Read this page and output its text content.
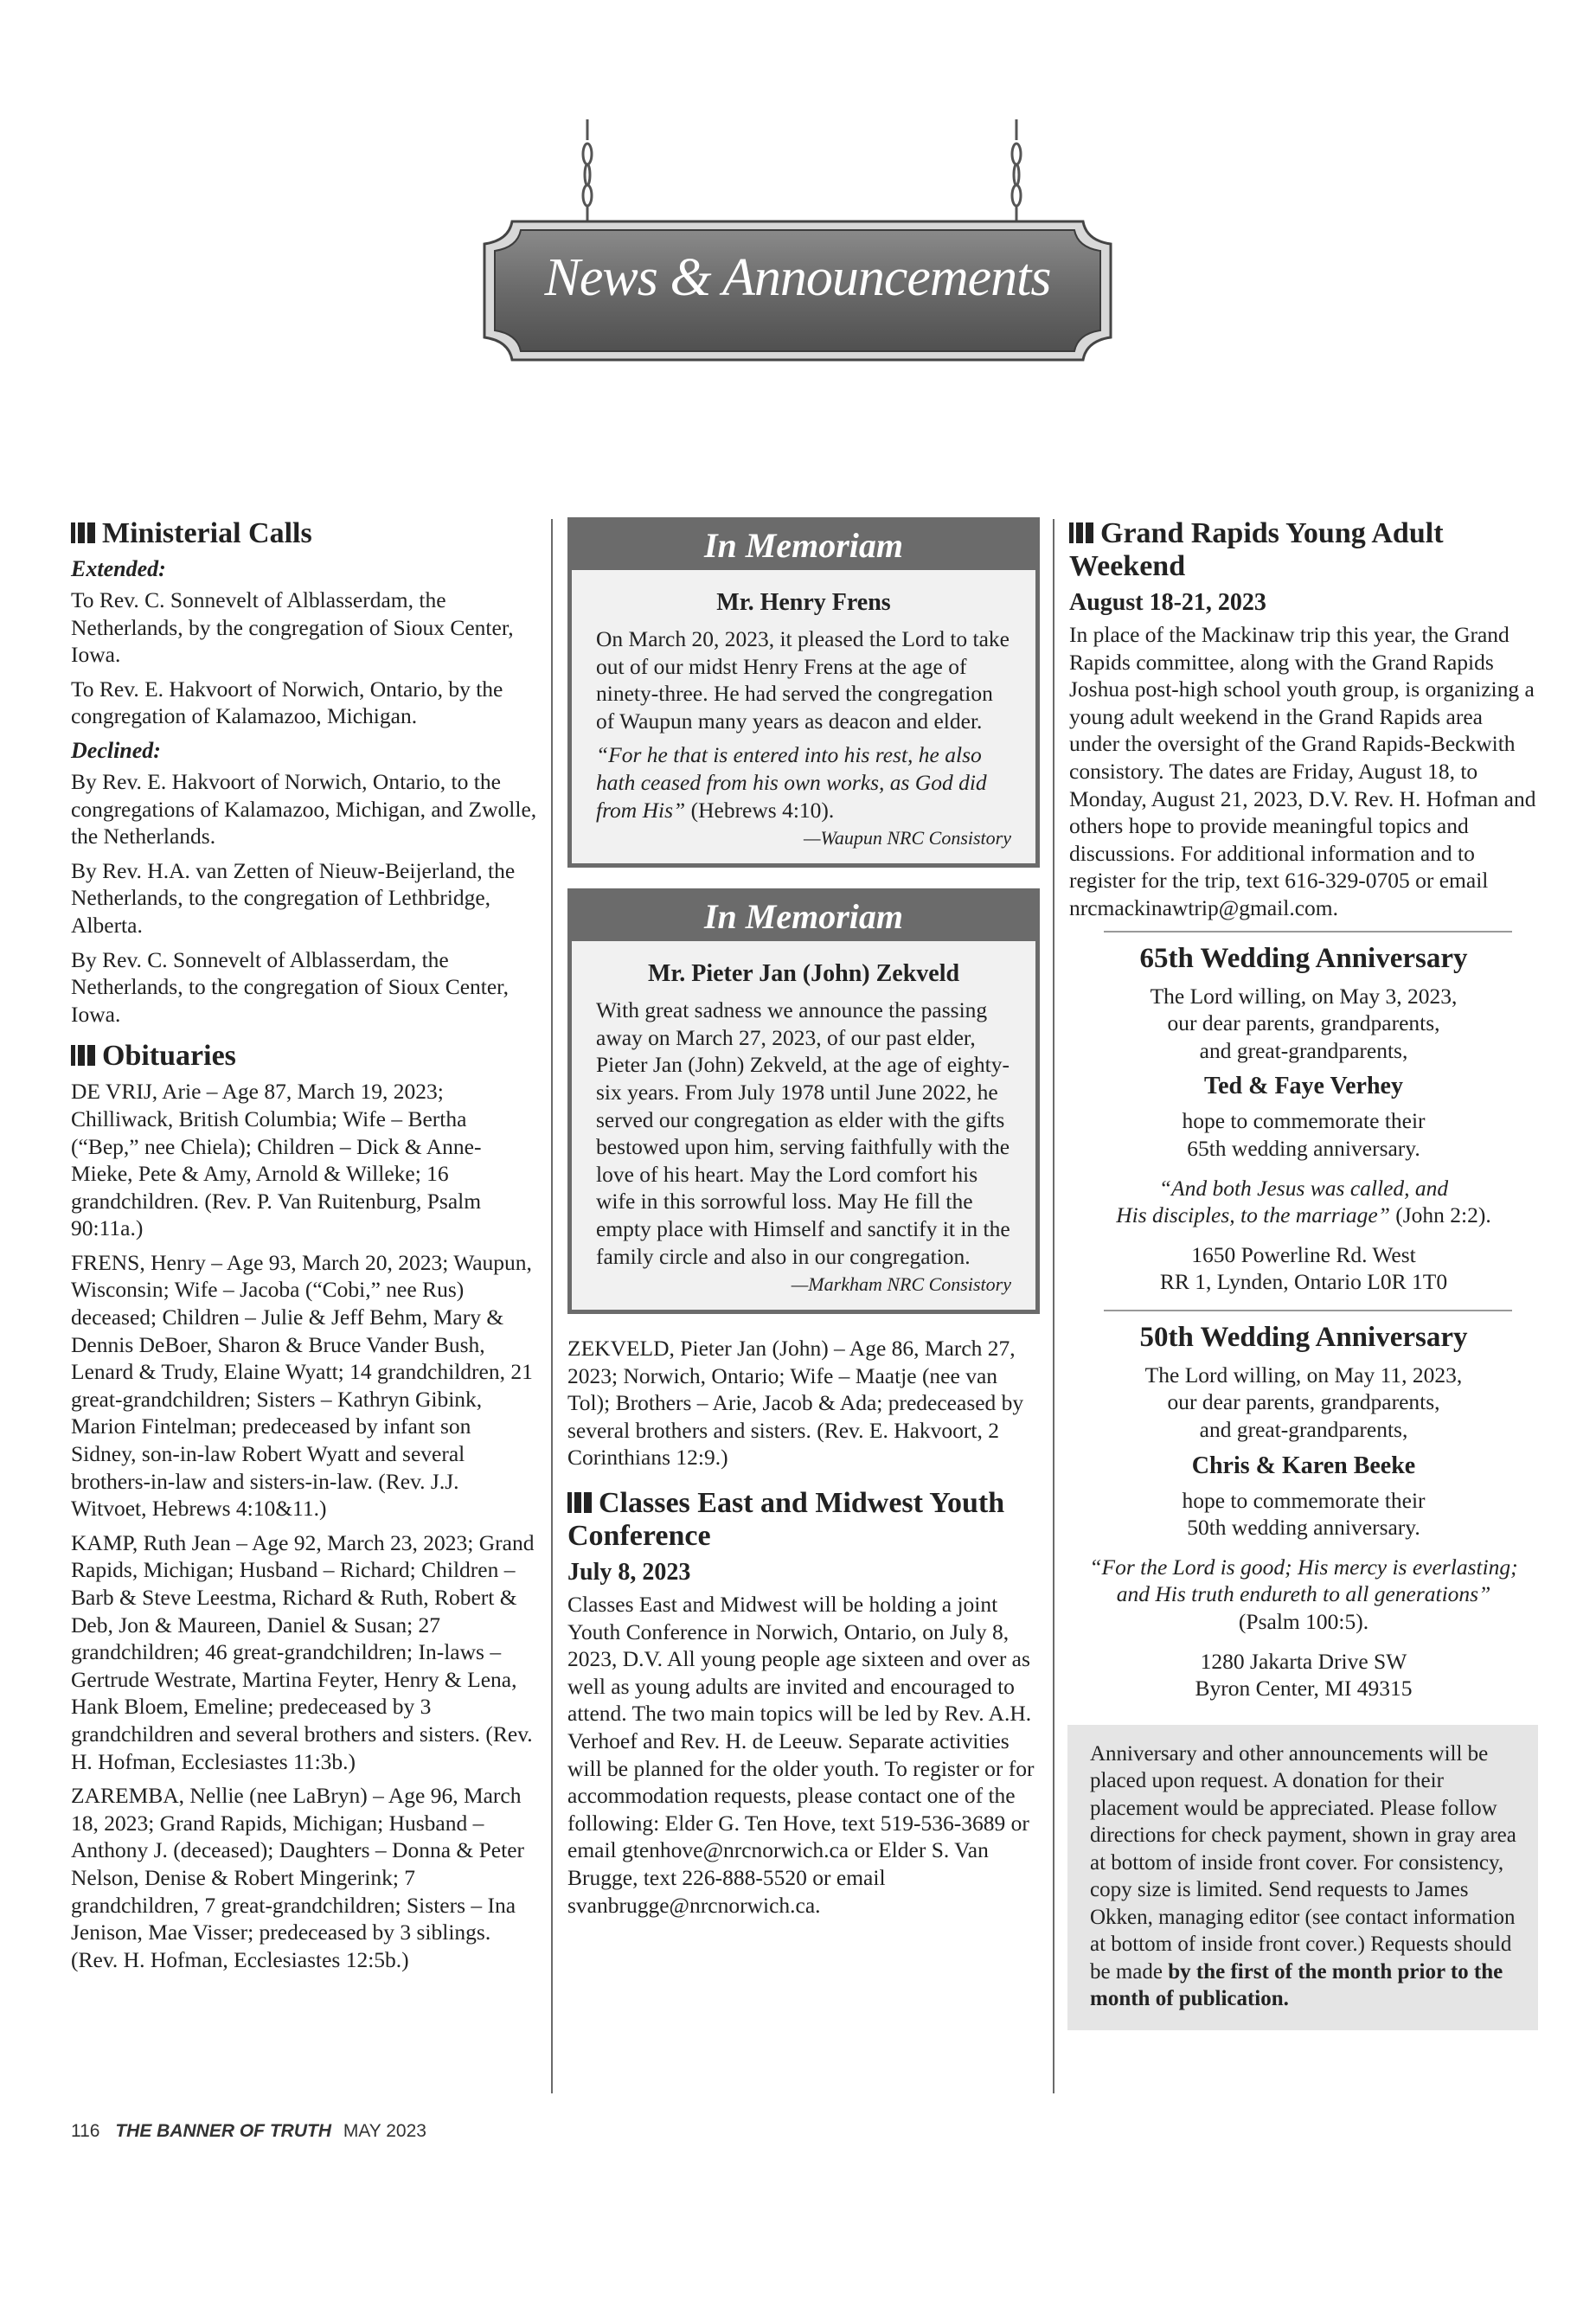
News & Announcements
Ministerial Calls
Extended:

To Rev. C. Sonnevelt of Alblasserdam, the Netherlands, by the congregation of Sioux Center, Iowa.

To Rev. E. Hakvoort of Norwich, Ontario, by the congregation of Kalamazoo, Michigan.

Declined:

By Rev. E. Hakvoort of Norwich, Ontario, to the congregations of Kalamazoo, Michigan, and Zwolle, the Netherlands.

By Rev. H.A. van Zetten of Nieuw-Beijerland, the Netherlands, to the congregation of Lethbridge, Alberta.

By Rev. C. Sonnevelt of Alblasserdam, the Netherlands, to the congregation of Sioux Center, Iowa.

Obituaries

DE VRIJ, Arie – Age 87, March 19, 2023; Chilliwack, British Columbia; Wife – Bertha (“Bep,” nee Chiela); Children – Dick & Anne-Mieke, Pete & Amy, Arnold & Willeke; 16 grandchildren. (Rev. P. Van Ruitenburg, Psalm 90:11a.)

FRENS, Henry – Age 93, March 20, 2023; Waupun, Wisconsin; Wife – Jacoba (“Cobi,” nee Rus) deceased; Children – Julie & Jeff Behm, Mary & Dennis DeBoer, Sharon & Bruce Vander Bush, Lenard & Trudy, Elaine Wyatt; 14 grandchildren, 21 great-grandchildren; Sisters – Kathryn Gibink, Marion Fintelman; predeceased by infant son Sidney, son-in-law Robert Wyatt and several brothers-in-law and sisters-in-law. (Rev. J.J. Witvoet, Hebrews 4:10&11.)

KAMP, Ruth Jean – Age 92, March 23, 2023; Grand Rapids, Michigan; Husband – Richard; Children – Barb & Steve Leestma, Richard & Ruth, Robert & Deb, Jon & Maureen, Daniel & Susan; 27 grandchildren; 46 great-grandchildren; In-laws – Gertrude Westrate, Martina Feyter, Henry & Lena, Hank Bloem, Emeline; predeceased by 3 grandchildren and several brothers and sisters. (Rev. H. Hofman, Ecclesiastes 11:3b.)

ZAREMBA, Nellie (nee LaBryn) – Age 96, March 18, 2023; Grand Rapids, Michigan; Husband – Anthony J. (deceased); Daughters – Donna & Peter Nelson, Denise & Robert Mingerink; 7 grandchildren, 7 great-grandchildren; Sisters – Ina Jenison, Mae Visser; predeceased by 3 siblings. (Rev. H. Hofman, Ecclesiastes 12:5b.)

In Memoriam
Mr. Henry Frens

On March 20, 2023, it pleased the Lord to take out of our midst Henry Frens at the age of ninety-three. He had served the congregation of Waupun many years as deacon and elder.

“For he that is entered into his rest, he also hath ceased from his own works, as God did from His” (Hebrews 4:10).

—Waupun NRC Consistory
In Memoriam
Mr. Pieter Jan (John) Zekveld

With great sadness we announce the passing away on March 27, 2023, of our past elder, Pieter Jan (John) Zekveld, at the age of eighty-six years. From July 1978 until June 2022, he served our congregation as elder with the gifts bestowed upon him, serving faithfully with the love of his heart. May the Lord comfort his wife in this sorrowful loss. May He fill the empty place with Himself and sanctify it in the family circle and also in our congregation.

—Markham NRC Consistory

ZEKVELD, Pieter Jan (John) – Age 86, March 27, 2023; Norwich, Ontario; Wife – Maatje (nee van Tol); Brothers – Arie, Jacob & Ada; predeceased by several brothers and sisters. (Rev. E. Hakvoort, 2 Corinthians 12:9.)

Classes East and Midwest Youth Conference
July 8, 2023

Classes East and Midwest will be holding a joint Youth Conference in Norwich, Ontario, on July 8, 2023, D.V. All young people age sixteen and over as well as young adults are invited and encouraged to attend. The two main topics will be led by Rev. A.H. Verhoef and Rev. H. de Leeuw. Separate activities will be planned for the older youth. To register or for accommodation requests, please contact one of the following: Elder G. Ten Hove, text 519-536-3689 or email gtenhove@nrcnorwich.ca or Elder S. Van Brugge, text 226-888-5520 or email svanbrugge@nrcnorwich.ca.

Grand Rapids Young Adult Weekend
August 18-21, 2023

In place of the Mackinaw trip this year, the Grand Rapids committee, along with the Grand Rapids Joshua post-high school youth group, is organizing a young adult weekend in the Grand Rapids area under the oversight of the Grand Rapids-Beckwith consistory. The dates are Friday, August 18, to Monday, August 21, 2023, D.V. Rev. H. Hofman and others hope to provide meaningful topics and discussions. For additional information and to register for the trip, text 616-329-0705 or email nrcmackinawtrip@gmail.com.

65th Wedding Anniversary
The Lord willing, on May 3, 2023,
our dear parents, grandparents,
and great-grandparents,
Ted & Faye Verhey
hope to commemorate their
65th wedding anniversary.
“And both Jesus was called, and
His disciples, to the marriage” (John 2:2).
1650 Powerline Rd. West
RR 1, Lynden, Ontario L0R 1T0
50th Wedding Anniversary
The Lord willing, on May 11, 2023,
our dear parents, grandparents,
and great-grandparents,
Chris & Karen Beeke
hope to commemorate their
50th wedding anniversary.
“For the Lord is good; His mercy is everlasting;
and His truth endureth to all generations”
(Psalm 100:5).
1280 Jakarta Drive SW
Byron Center, MI 49315
Anniversary and other announcements will be placed upon request. A donation for their placement would be appreciated. Please follow directions for check payment, shown in gray area at bottom of inside front cover. For consistency, copy size is limited. Send requests to James Okken, managing editor (see contact information at bottom of inside front cover.) Requests should be made by the first of the month prior to the month of publication.
116 THE BANNER OF TRUTH MAY 2023
